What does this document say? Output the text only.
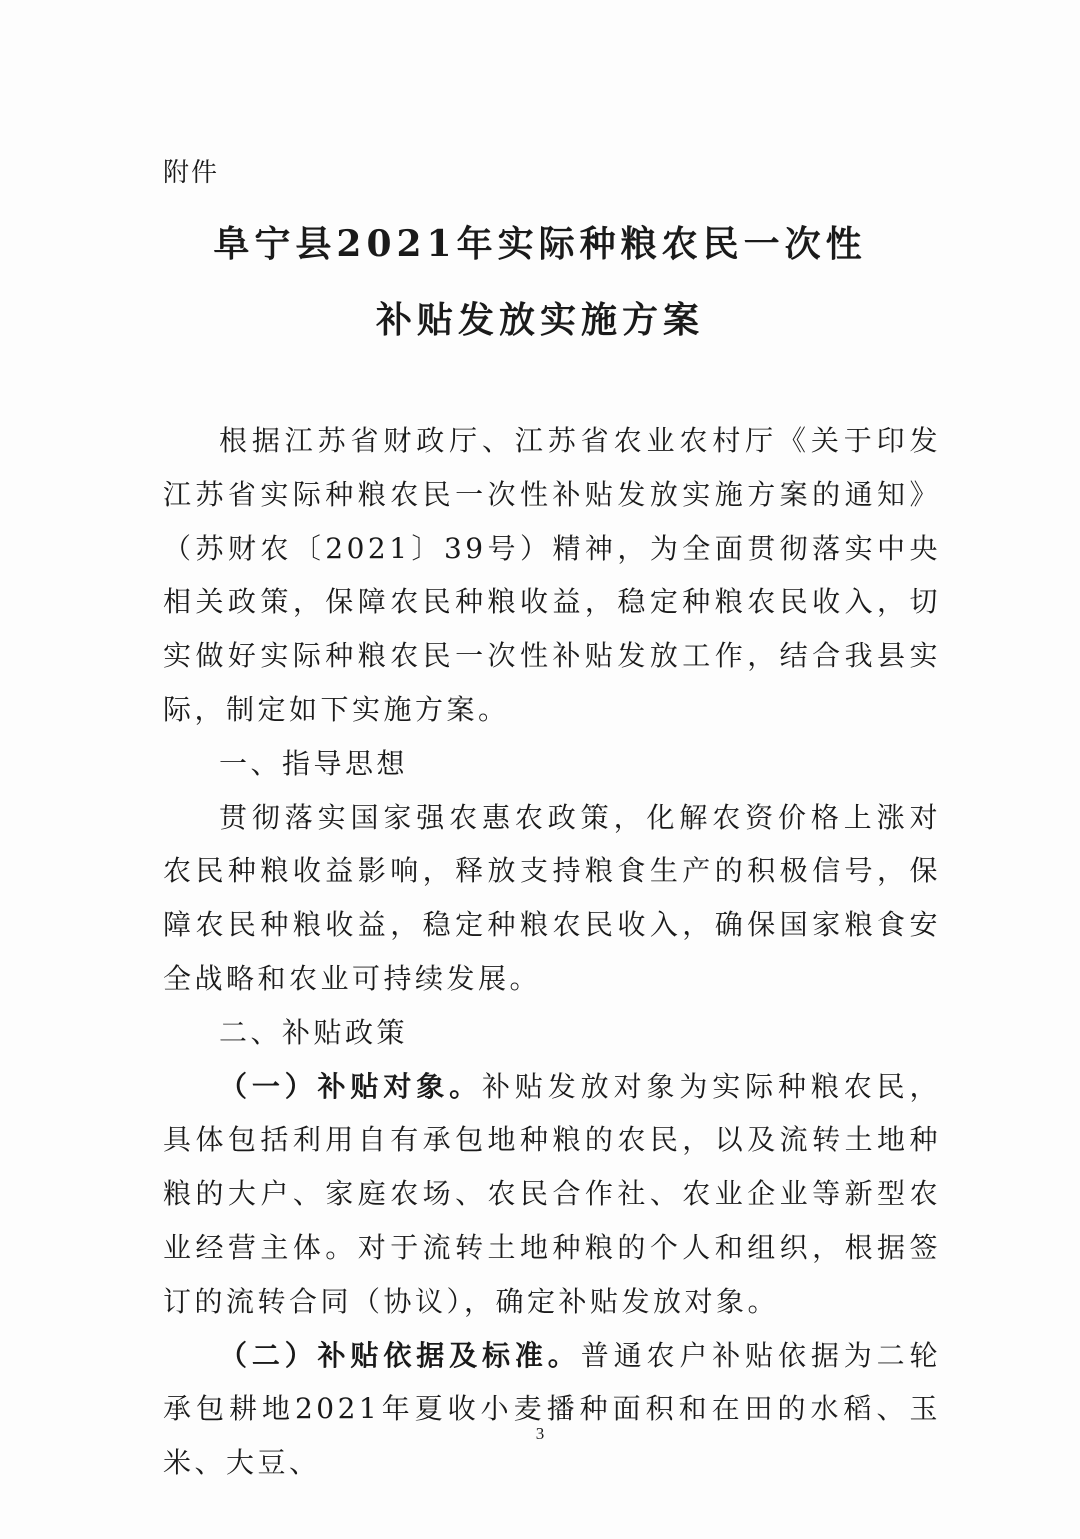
附件
阜宁县2021年实际种粮农民一次性
补贴发放实施方案

根据江苏省财政厅、江苏省农业农村厅《关于印发江苏省实际种粮农民一次性补贴发放实施方案的通知》（苏财农〔2021〕39号）精神，为全面贯彻落实中央相关政策，保障农民种粮收益，稳定种粮农民收入，切实做好实际种粮农民一次性补贴发放工作，结合我县实际，制定如下实施方案。

一、指导思想

贯彻落实国家强农惠农政策，化解农资价格上涨对农民种粮收益影响，释放支持粮食生产的积极信号，保障农民种粮收益，稳定种粮农民收入，确保国家粮食安全战略和农业可持续发展。

二、补贴政策

（一）补贴对象。补贴发放对象为实际种粮农民，具体包括利用自有承包地种粮的农民，以及流转土地种粮的大户、家庭农场、农民合作社、农业企业等新型农业经营主体。对于流转土地种粮的个人和组织，根据签订的流转合同（协议），确定补贴发放对象。

（二）补贴依据及标准。普通农户补贴依据为二轮承包耕地2021年夏收小麦播种面积和在田的水稻、玉米、大豆、

3
